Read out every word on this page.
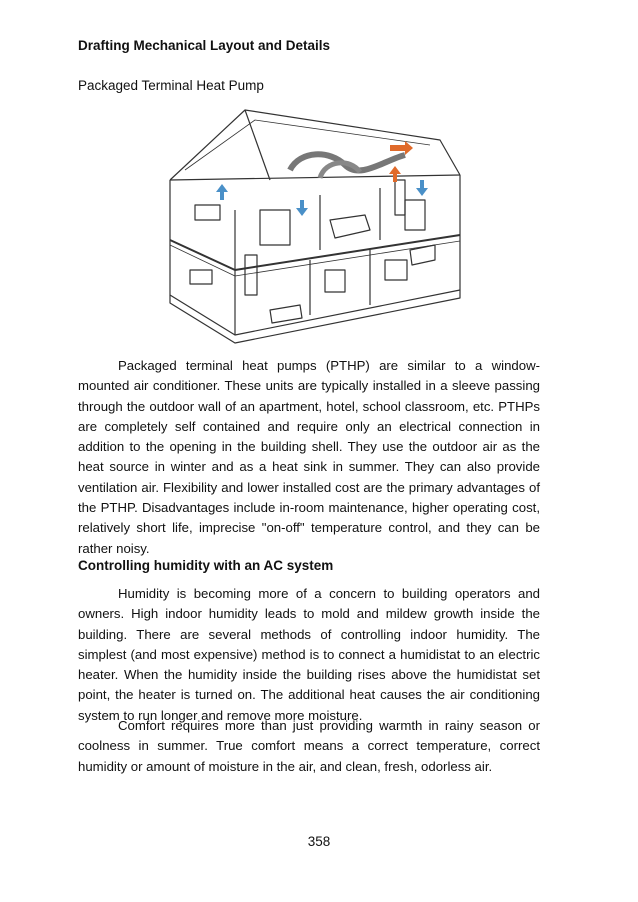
Drafting Mechanical Layout and Details
Packaged Terminal Heat Pump

Packaged terminal heat pumps (PTHP) are similar to a window-mounted air conditioner. These units are typically installed in a sleeve passing through the outdoor wall of an apartment, hotel, school classroom, etc. PTHPs are completely self contained and require only an electrical connection in addition to the opening in the building shell. They use the outdoor air as the heat source in winter and as a heat sink in summer. They can also provide ventilation air. Flexibility and lower installed cost are the primary advantages of the PTHP. Disadvantages include in-room maintenance, higher operating cost, relatively short life, imprecise "on-off" temperature control, and they can be rather noisy.

Controlling humidity with an AC system

Humidity is becoming more of a concern to building operators and owners. High indoor humidity leads to mold and mildew growth inside the building. There are several methods of controlling indoor humidity. The simplest (and most expensive) method is to connect a humidistat to an electric heater. When the humidity inside the building rises above the humidistat set point, the heater is turned on. The additional heat causes the air conditioning system to run longer and remove more moisture.

Comfort requires more than just providing warmth in rainy season or coolness in summer. True comfort means a correct temperature, correct humidity or amount of moisture in the air, and clean, fresh, odorless air.

358
